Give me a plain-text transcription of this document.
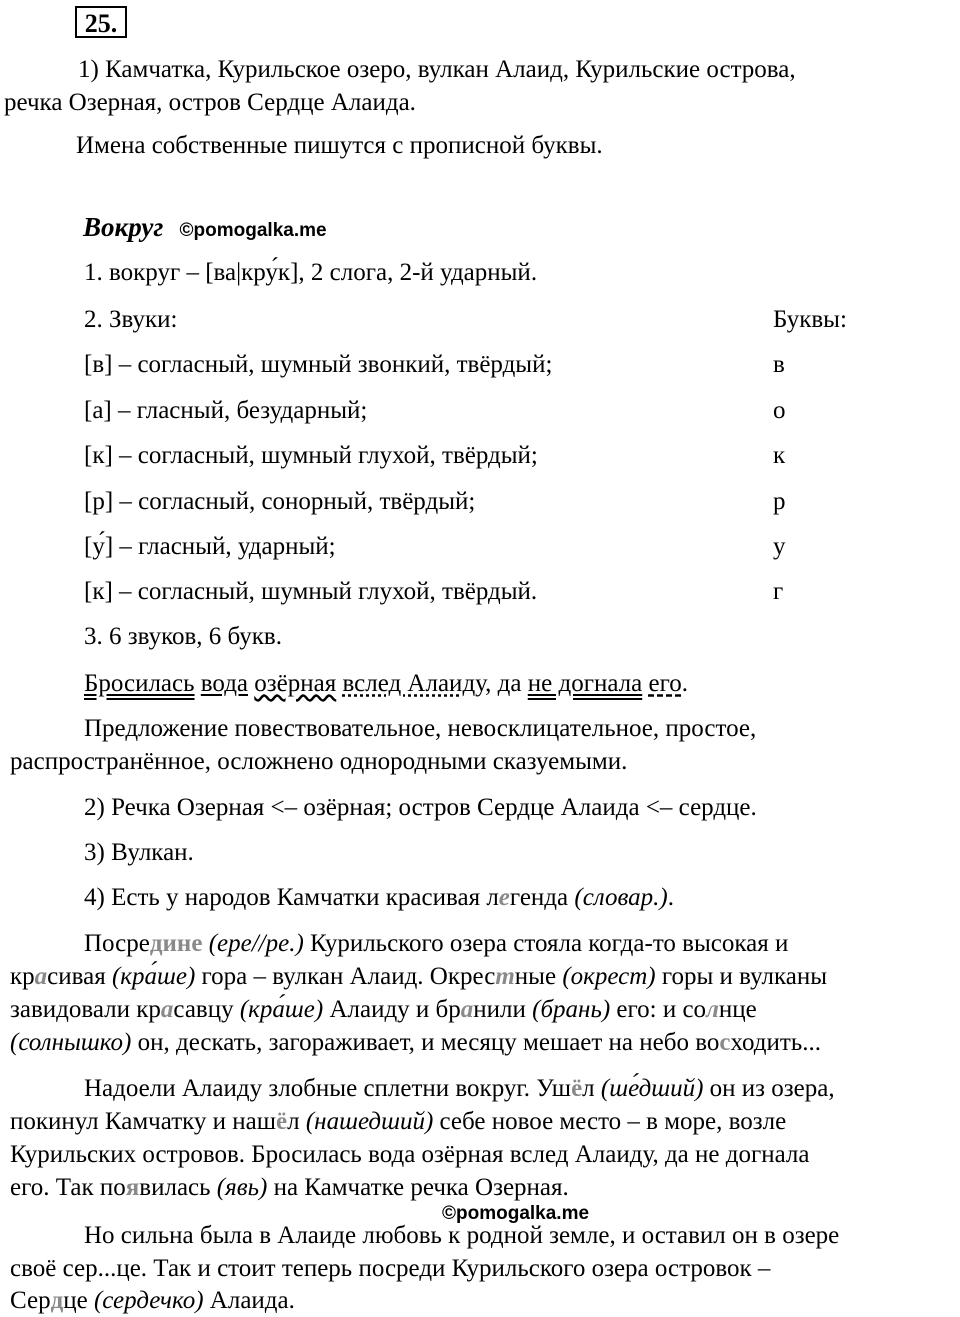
25.
1) Камчатка, Курильское озеро, вулкан Алаид, Курильские острова,
речка Озерная, остров Сердце Алаида.
Имена собственные пишутся с прописной буквы.
Вокруг ©pomogalka.me
1. вокруг – [ва|кру́к], 2 слога, 2-й ударный.
2. Звуки:	Буквы:
[в] – согласный, шумный звонкий, твёрдый;	в
[а] – гласный, безударный;	о
[к] – согласный, шумный глухой, твёрдый;	к
[р] – согласный, сонорный, твёрдый;	р
[у́] – гласный, ударный;	у
[к] – согласный, шумный глухой, твёрдый.	г
3. 6 звуков, 6 букв.
Бросилась вода озёрная вслед Алаиду, да не догнала его.
Предложение повествовательное, невосклицательное, простое,
распространённое, осложнено однородными сказуемыми.
2) Речка Озерная <– озёрная; остров Сердце Алаида <– сердце.
3) Вулкан.
4) Есть у народов Камчатки красивая легенда (словар.).
Посредине (ере//ре.) Курильского озера стояла когда-то высокая и
красивая (кра́ше) гора – вулкан Алаид. Окрестные (окрест) горы и вулканы
завидовали красавцу (кра́ше) Алаиду и бранили (брань) его: и солнце
(солнышко) он, дескать, загораживает, и месяцу мешает на небо восходить...
Надоели Алаиду злобные сплетни вокруг. Ушёл (ше́дший) он из озера,
покинул Камчатку и нашёл (нашедший) себе новое место – в море, возле
Курильских островов. Бросилась вода озёрная вслед Алаиду, да не догнала
его. Так появилась (явь) на Камчатке речка Озерная.
©pomogalka.me
Но сильна была в Алаиде любовь к родной земле, и оставил он в озере
своё сер...це. Так и стоит теперь посреди Курильского озера островок –
Сердце (сердечко) Алаида.
